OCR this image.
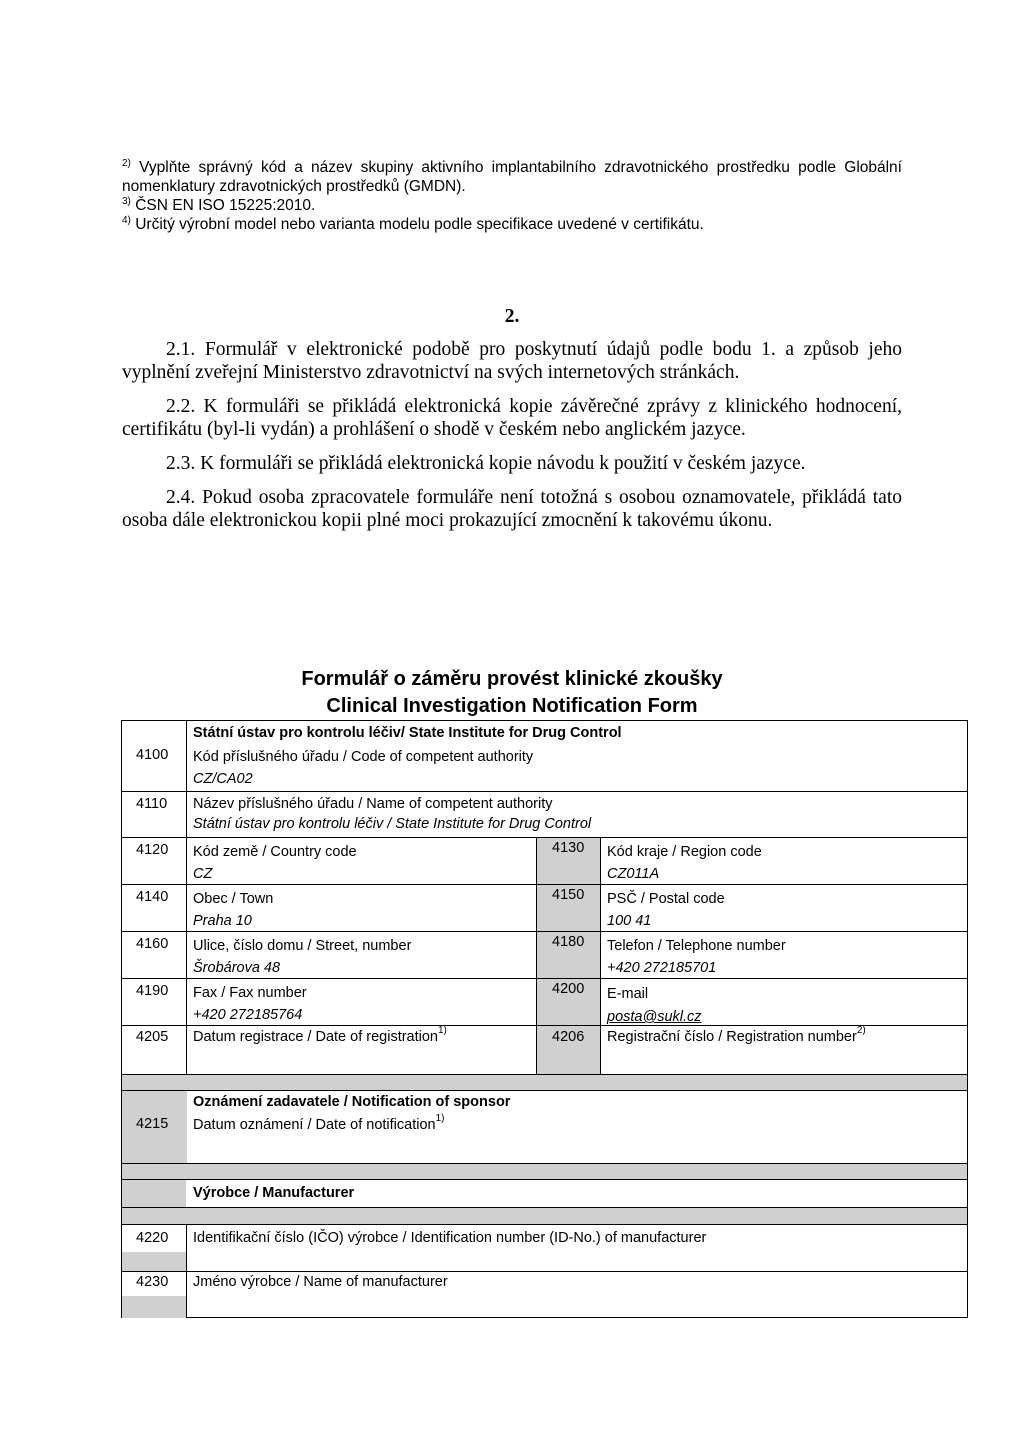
$^{2)}$ Vyplňte správný kód a název skupiny aktivního implantabilního zdravotnického prostředku podle Globální nomenklatury zdravotnických prostředků (GMDN).

$^{3)}$ ČSN EN ISO 15225:2010.

$^{4)}$ Určitý výrobní model nebo varianta modelu podle specifikace uvedené v certifikátu.

2.

2.1. Formulář v elektronické podobě pro poskytnutí údajů podle bodu 1. a způsob jeho vyplnění zveřejní Ministerstvo zdravotnictví na svých internetových stránkách.

2.2. K formuláři se přikládá elektronická kopie závěrečné zprávy z klinického hodnocení, certifikátu (byl-li vydán) a prohlášení o shodě v českém nebo anglickém jazyce.

2.3. K formuláři se přikládá elektronická kopie návodu k použití v českém jazyce.

2.4. Pokud osoba zpracovatele formuláře není totožná s osobou oznamovatele, přikládá tato osoba dále elektronickou kopii plné moci prokazující zmocnění k takovému úkonu.

Formulář o záměru provést klinické zkoušky
Clinical Investigation Notification Form
4100
Státní ústav pro kontrolu léčiv/ State Institute for Drug Control
Kód příslušného úřadu / Code of competent authority
CZ/CA02
4110 Název příslušného úřadu / Name of competent authority
Státní ústav pro kontrolu léčiv / State Institute for Drug Control
4120 Kód země / Country code
CZ
4130 Kód kraje / Region code
CZ011A
4140 Obec / Town
Praha 10
4150 PSČ / Postal code
100 41
4160 Ulice, číslo domu / Street, number
Šrobárova 48
4180 Telefon / Telephone number
+420 272185701
4190 Fax / Fax number
+420 272185764
4200 E-mail
posta@sukl.cz
4205 Datum registrace / Date of registration$^{1)}$	4206 Registrační číslo / Registration number$^{2)}$
4215
Oznámení zadavatele / Notification of sponsor
Datum oznámení / Date of notification$^{1)}$
Výrobce / Manufacturer
4220 Identifikační číslo (IČO) výrobce / Identification number (ID-No.) of manufacturer
4230 Jméno výrobce / Name of manufacturer
